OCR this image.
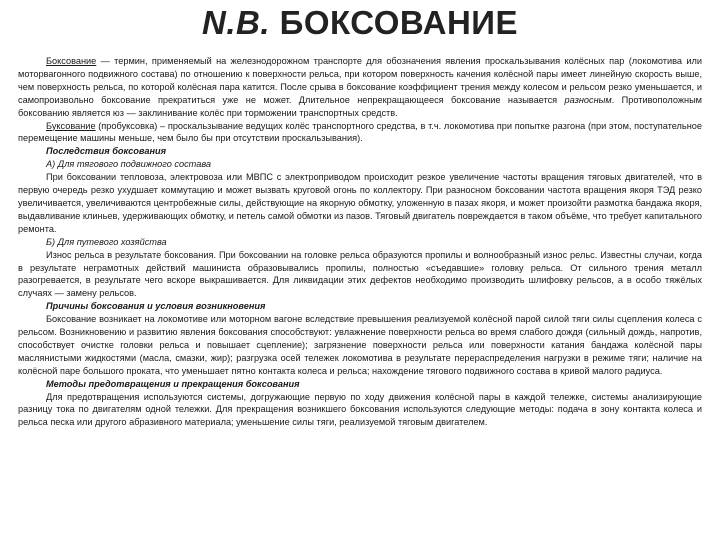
N.B. БОКСОВАНИЕ

Боксование — термин, применяемый на железнодорожном транспорте для обозначения явления проскальзывания колёсных пар (локомотива или моторвагонного подвижного состава) по отношению к поверхности рельса, при котором поверхность качения колёсной пары имеет линейную скорость выше, чем поверхность рельса, по которой колёсная пара катится. После срыва в боксование коэффициент трения между колесом и рельсом резко уменьшается, и самопроизвольно боксование прекратиться уже не может. Длительное непрекращающееся боксование называется разносным. Противоположным боксованию является юз — заклинивание колёс при торможении транспортных средств.

Буксование (пробуксовка) – проскальзывание ведущих колёс транспортного средства, в т.ч. локомотива при попытке разгона (при этом, поступательное перемещение машины меньше, чем было бы при отсутствии проскальзывания).

Последствия боксования

А) Для тягового подвижного состава

При боксовании тепловоза, электровоза или МВПС с электроприводом происходит резкое увеличение частоты вращения тяговых двигателей, что в первую очередь резко ухудшает коммутацию и может вызвать круговой огонь по коллектору. При разносном боксовании частота вращения якоря ТЭД резко увеличивается, увеличиваются центробежные силы, действующие на якорную обмотку, уложенную в пазах якоря, и может произойти размотка бандажа якоря, выдавливание клиньев, удерживающих обмотку, и петель самой обмотки из пазов. Тяговый двигатель повреждается в таком объёме, что требует капитального ремонта.

Б) Для путевого хозяйства

Износ рельса в результате боксования. При боксовании на головке рельса образуются пропилы и волнообразный износ рельс. Известны случаи, когда в результате неграмотных действий машиниста образовывались пропилы, полностью «съедавшие» головку рельса. От сильного трения металл разогревается, в результате чего вскоре выкрашивается. Для ликвидации этих дефектов необходимо производить шлифовку рельсов, а в особо тяжёлых случаях — замену рельсов.

Причины боксования и условия возникновения

Боксование возникает на локомотиве или моторном вагоне вследствие превышения реализуемой колёсной парой силой тяги силы сцепления колеса с рельсом. Возникновению и развитию явления боксования способствуют: увлажнение поверхности рельса во время слабого дождя (сильный дождь, напротив, способствует очистке головки рельса и повышает сцепление); загрязнение поверхности рельса или поверхности катания бандажа колёсной пары маслянистыми жидкостями (масла, смазки, жир); разгрузка осей тележек локомотива в результате перераспределения нагрузки в режиме тяги; наличие на колёсной паре большого проката, что уменьшает пятно контакта колеса и рельса; нахождение тягового подвижного состава в кривой малого радиуса.

Методы предотвращения и прекращения боксования

Для предотвращения используются системы, догружающие первую по ходу движения колёсной пары в каждой тележке, системы анализирующие разницу тока по двигателям одной тележки. Для прекращения возникшего боксования используются следующие методы: подача в зону контакта колеса и рельса песка или другого абразивного материала; уменьшение силы тяги, реализуемой тяговым двигателем.
